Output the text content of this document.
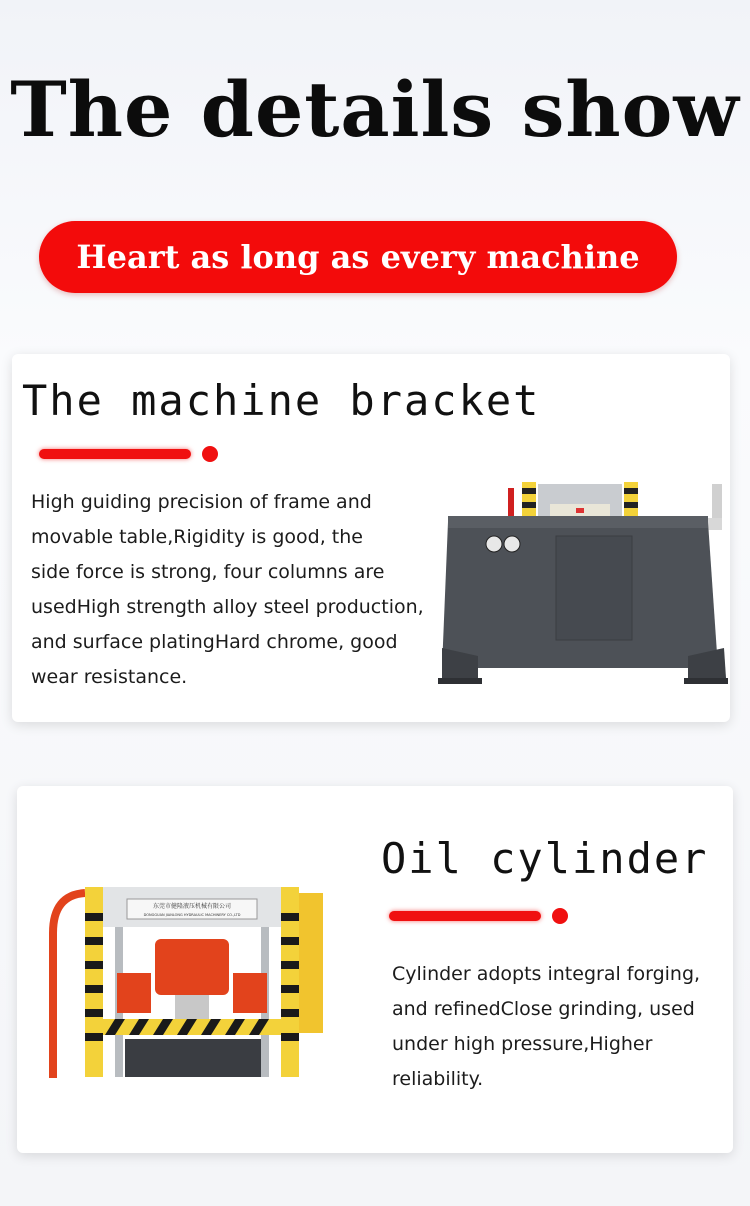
The details show
Heart as long as every machine
The machine bracket
High guiding precision of frame and
movable table,Rigidity is good, the
side force is strong, four columns are
usedHigh strength alloy steel production,
and surface platingHard chrome, good
wear resistance.
东莞市健隆液压机械有限公司
DONGGUAN JIANLONG HYDRAULIC MACHINERY CO.,LTD
Oil cylinder
Cylinder adopts integral forging,
and refinedClose grinding, used
under high pressure,Higher
reliability.
